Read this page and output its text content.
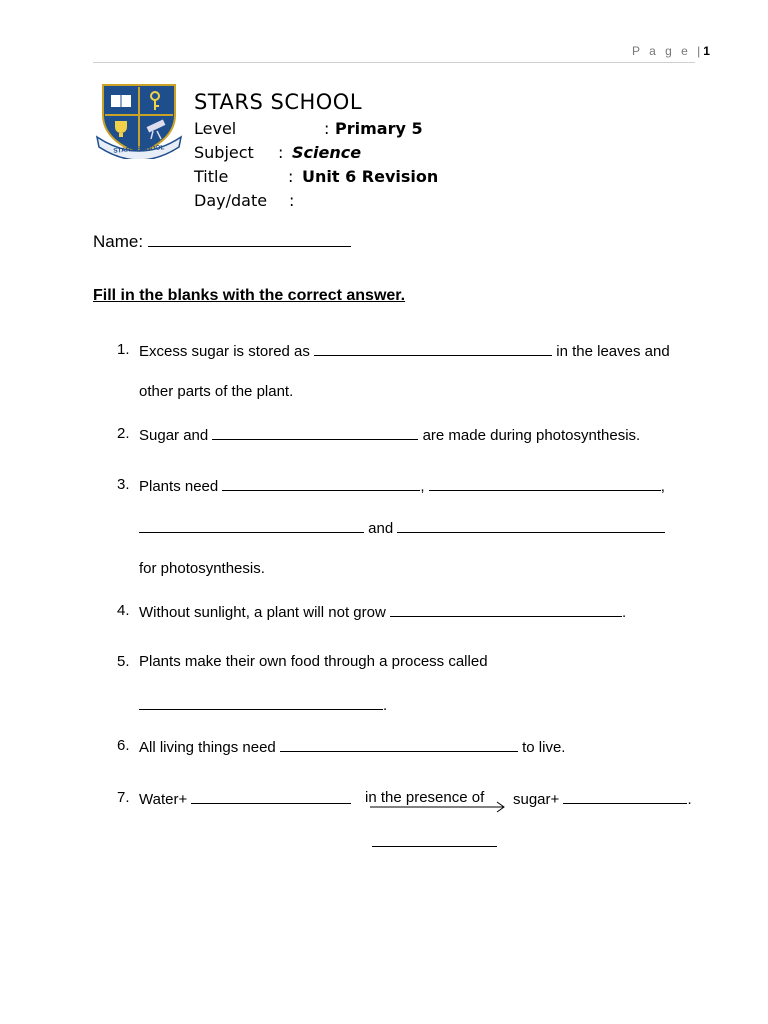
P a g e |1
STARS SCHOOL
STARS SCHOOL
Level	: Primary 5
Subject : Science
Title	: Unit 6 Revision
Day/date :
Name:
Fill in the blanks with the correct answer.
1. Excess sugar is stored as	in the leaves and
other parts of the plant.
2. Sugar and	are made during photosynthesis.
3. Plants need	,	,
and
for photosynthesis.
4. Without sunlight, a plant will not grow	.
5. Plants make their own food through a process called
.
6. All living things need	to live.
7. Water+	in the presence of sugar+	.
